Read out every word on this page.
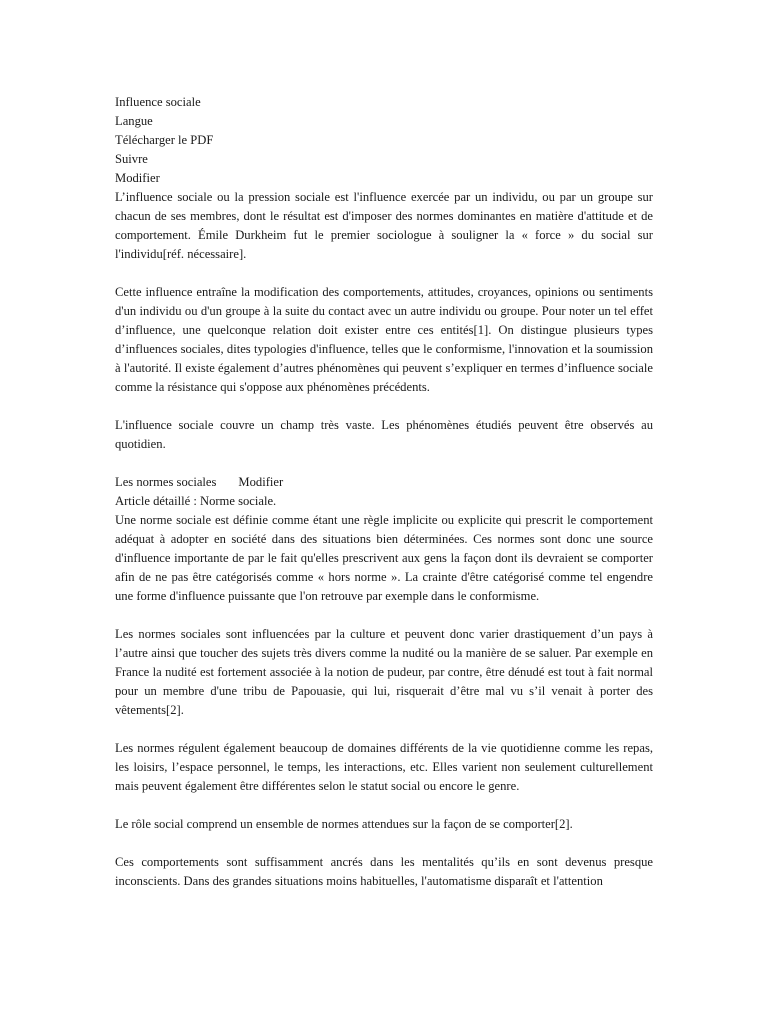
Influence sociale
Langue
Télécharger le PDF
Suivre
Modifier

L’influence sociale ou la pression sociale est l'influence exercée par un individu, ou par un groupe sur chacun de ses membres, dont le résultat est d'imposer des normes dominantes en matière d'attitude et de comportement. Émile Durkheim fut le premier sociologue à souligner la « force » du social sur l'individu[réf. nécessaire].

Cette influence entraîne la modification des comportements, attitudes, croyances, opinions ou sentiments d'un individu ou d'un groupe à la suite du contact avec un autre individu ou groupe. Pour noter un tel effet d’influence, une quelconque relation doit exister entre ces entités[1]. On distingue plusieurs types d’influences sociales, dites typologies d'influence, telles que le conformisme, l'innovation et la soumission à l'autorité. Il existe également d’autres phénomènes qui peuvent s’expliquer en termes d’influence sociale comme la résistance qui s'oppose aux phénomènes précédents.

L'influence sociale couvre un champ très vaste. Les phénomènes étudiés peuvent être observés au quotidien.

Les normes sociales Modifier
Article détaillé : Norme sociale.

Une norme sociale est définie comme étant une règle implicite ou explicite qui prescrit le comportement adéquat à adopter en société dans des situations bien déterminées. Ces normes sont donc une source d'influence importante de par le fait qu'elles prescrivent aux gens la façon dont ils devraient se comporter afin de ne pas être catégorisés comme « hors norme ». La crainte d'être catégorisé comme tel engendre une forme d'influence puissante que l'on retrouve par exemple dans le conformisme.

Les normes sociales sont influencées par la culture et peuvent donc varier drastiquement d’un pays à l’autre ainsi que toucher des sujets très divers comme la nudité ou la manière de se saluer. Par exemple en France la nudité est fortement associée à la notion de pudeur, par contre, être dénudé est tout à fait normal pour un membre d'une tribu de Papouasie, qui lui, risquerait d’être mal vu s’il venait à porter des vêtements[2].

Les normes régulent également beaucoup de domaines différents de la vie quotidienne comme les repas, les loisirs, l’espace personnel, le temps, les interactions, etc. Elles varient non seulement culturellement mais peuvent également être différentes selon le statut social ou encore le genre.

Le rôle social comprend un ensemble de normes attendues sur la façon de se comporter[2].

Ces comportements sont suffisamment ancrés dans les mentalités qu’ils en sont devenus presque inconscients. Dans des grandes situations moins habituelles, l'automatisme disparaît et l'attention
